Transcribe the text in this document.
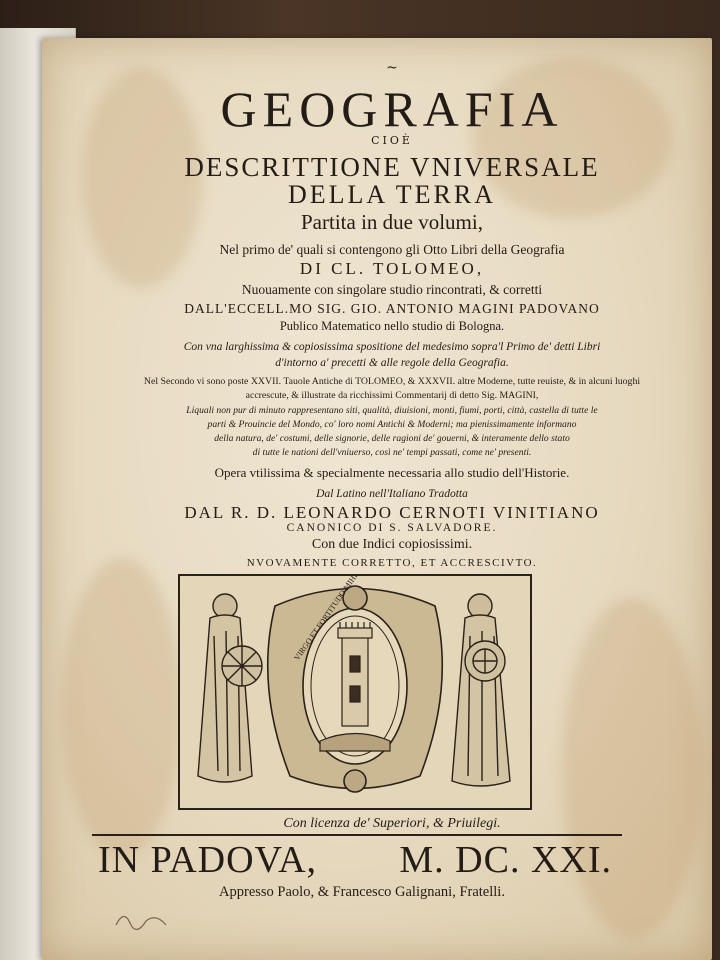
~
GEOGRAFIA
CIOÈ
DESCRITTIONE VNIVERSALE
DELLA TERRA
Partita in due volumi,
Nel primo de' quali si contengono gli Otto Libri della Geografia
DI CL. TOLOMEO,
Nuouamente con singolare studio rincontrati, & corretti
DALL'ECCELL.MO SIG. GIO. ANTONIO MAGINI PADOVANO
Publico Matematico nello studio di Bologna.
Con vna larghissima & copiosissima spositione del medesimo sopra'l Primo de' detti Libri
d'intorno a' precetti & alle regole della Geografia.
Nel Secondo vi sono poste XXVII. Tauole Antiche di TOLOMEO, & XXXVII. altre Moderne, tutte reuiste, & in alcuni luoghi
accrescute, & illustrate da ricchissimi Commentarij di detto Sig. MAGINI,
Liquali non pur di minuto rappresentano siti, qualità, diuisioni, monti, fiumi, porti, città, castella di tutte le
parti & Prouincie del Mondo, co' loro nomi Antichi & Moderni; ma pienissimamente informano
della natura, de' costumi, delle signorie, delle ragioni de' gouerni, & interamente dello stato
di tutte le nationi dell'vniuerso, così ne' tempi passati, come ne' presenti.
Opera vtilissima & specialmente necessaria allo studio dell'Historie.
Dal Latino nell'Italiano Tradotta
DAL R. D. LEONARDO CERNOTI VINITIANO
CANONICO DI S. SALVADORE.
Con due Indici copiosissimi.
NVOVAMENTE CORRETTO, ET ACCRESCIVTO.
VIRGO ET FORTITUDO MIHI
Con licenza de' Superiori, & Priuilegi.
IN PADOVA, M. DC. XXI.
Appresso Paolo, & Francesco Galignani, Fratelli.
